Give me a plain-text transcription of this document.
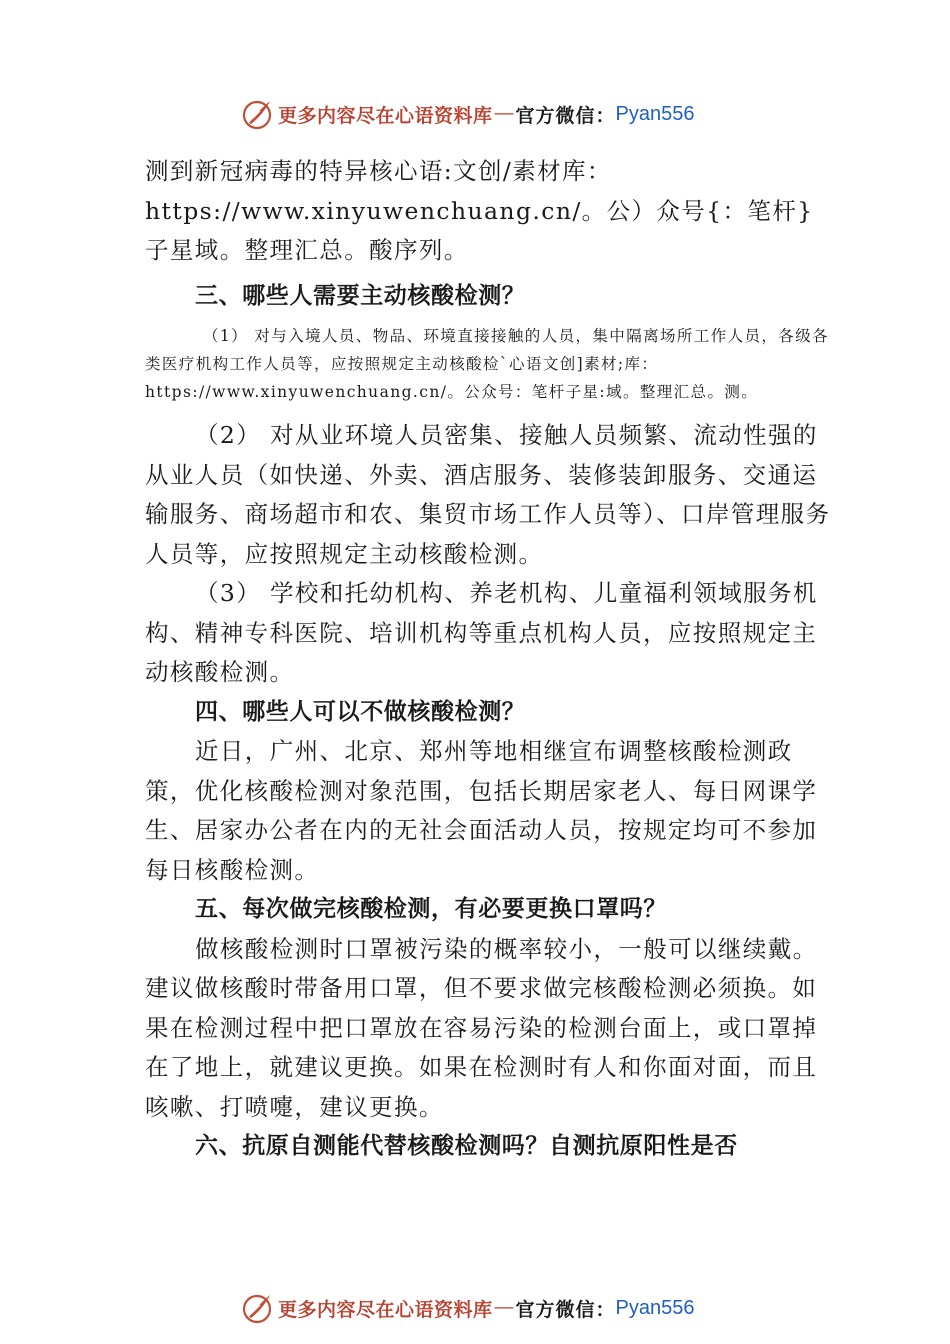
更多内容尽在心语资料库 — 官方微信： Pyan556

测到新冠病毒的特异核心语:文创/素材库：https://www.xinyuwenchuang.cn/。公）众号{：笔杆}子星域。整理汇总。酸序列。

三、哪些人需要主动核酸检测？

（1） 对与入境人员、物品、环境直接接触的人员，集中隔离场所工作人员，各级各类医疗机构工作人员等，应按照规定主动核酸检`心语文创]素材;库：https://www.xinyuwenchuang.cn/。公众号：笔杆子星:域。整理汇总。测。

（2） 对从业环境人员密集、接触人员频繁、流动性强的从业人员（如快递、外卖、酒店服务、装修装卸服务、交通运输服务、商场超市和农、集贸市场工作人员等）、口岸管理服务人员等，应按照规定主动核酸检测。

（3） 学校和托幼机构、养老机构、儿童福利领域服务机构、精神专科医院、培训机构等重点机构人员，应按照规定主动核酸检测。

四、哪些人可以不做核酸检测？

近日，广州、北京、郑州等地相继宣布调整核酸检测政策，优化核酸检测对象范围，包括长期居家老人、每日网课学生、居家办公者在内的无社会面活动人员，按规定均可不参加每日核酸检测。

五、每次做完核酸检测，有必要更换口罩吗？

做核酸检测时口罩被污染的概率较小，一般可以继续戴。建议做核酸时带备用口罩，但不要求做完核酸检测必须换。如果在检测过程中把口罩放在容易污染的检测台面上，或口罩掉在了地上，就建议更换。如果在检测时有人和你面对面，而且咳嗽、打喷嚏，建议更换。

六、抗原自测能代替核酸检测吗？自测抗原阳性是否

更多内容尽在心语资料库 — 官方微信： Pyan556
